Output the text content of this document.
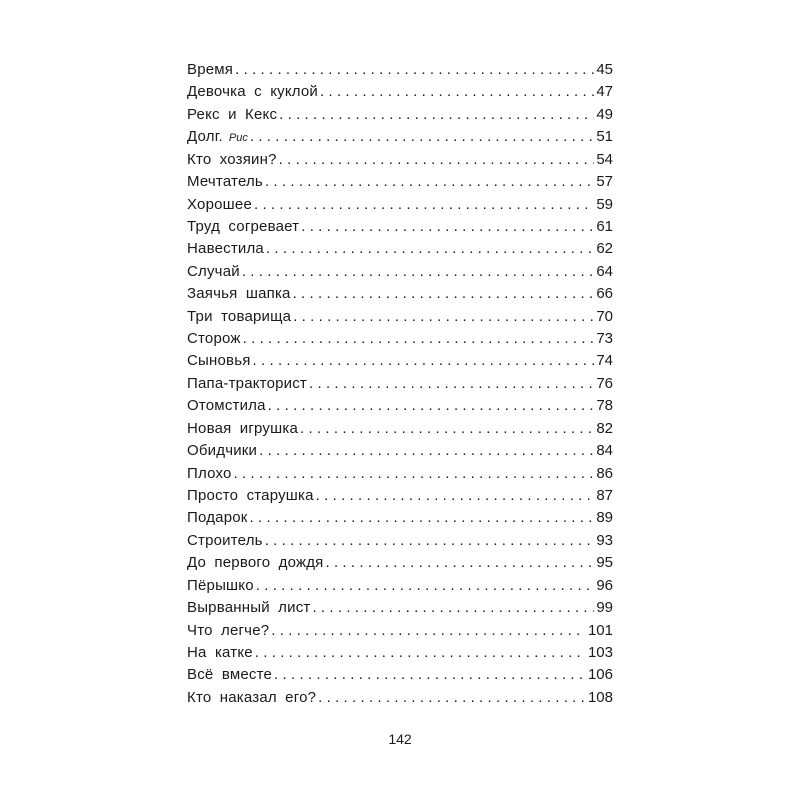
Время .....	45
Девочка с куклой .....	47
Рекс и Кекс .....	49
Долг. Рис .....	51
Кто хозяин? .....	54
Мечтатель .....	57
Хорошее .....	59
Труд согревает .....	61
Навестила .....	62
Случай .....	64
Заячья шапка .....	66
Три товарища .....	70
Сторож .....	73
Сыновья .....	74
Папа-тракторист .....	76
Отомстила .....	78
Новая игрушка .....	82
Обидчики .....	84
Плохо .....	86
Просто старушка .....	87
Подарок .....	89
Строитель .....	93
До первого дождя .....	95
Пёрышко .....	96
Вырванный лист .....	99
Что легче? .....	101
На катке .....	103
Всё вместе .....	106
Кто наказал его? .....	108
142
